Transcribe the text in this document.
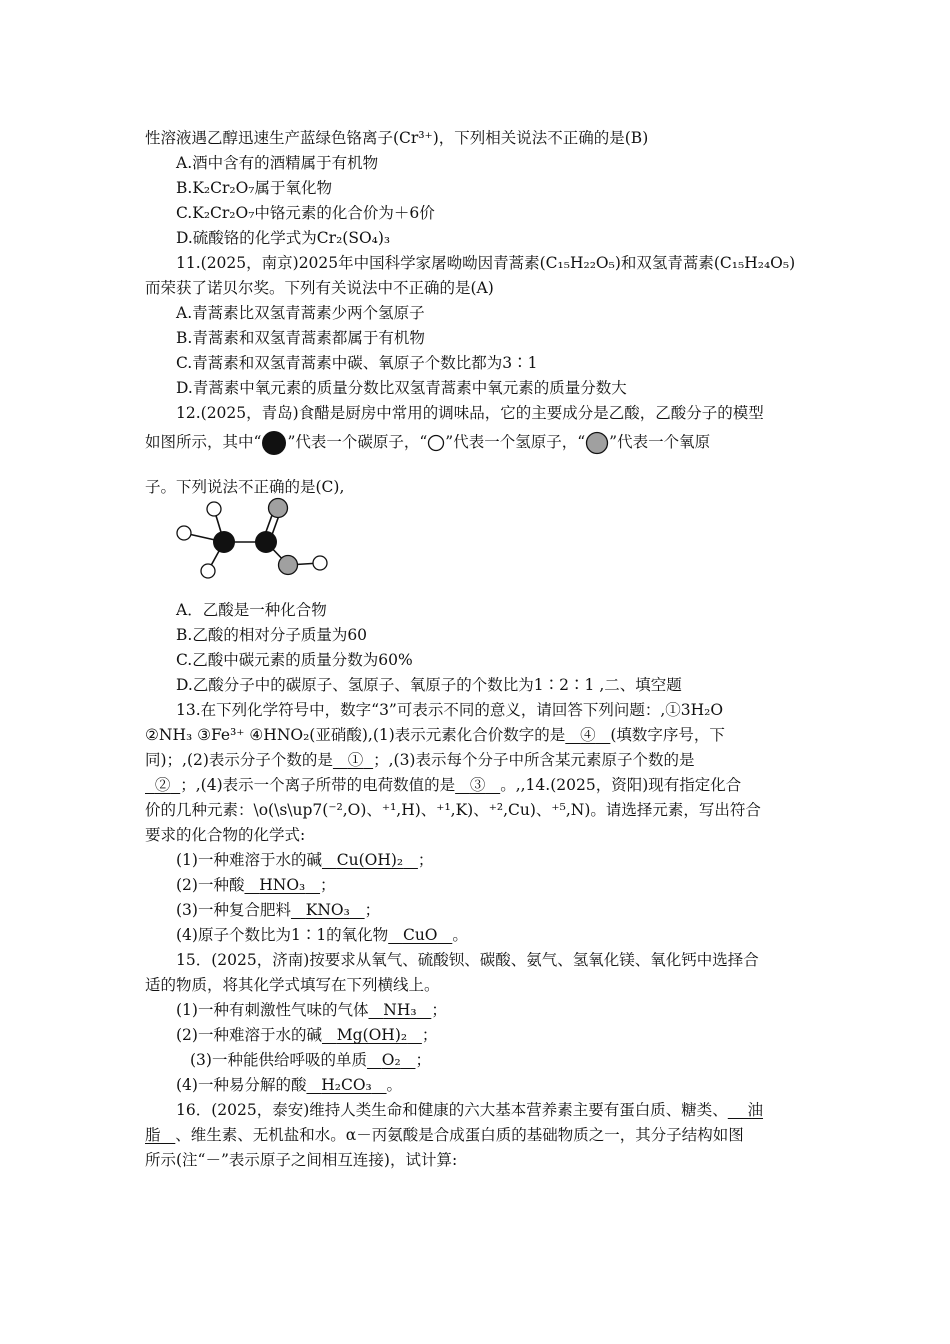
性溶液遇乙醇迅速生产蓝绿色铬离子(Cr³⁺)，下列相关说法不正确的是(B)
A.酒中含有的酒精属于有机物
B.K₂Cr₂O₇属于氧化物
C.K₂Cr₂O₇中铬元素的化合价为＋6价
D.硫酸铬的化学式为Cr₂(SO₄)₃
11.(2025，南京)2025年中国科学家屠呦呦因青蒿素(C₁₅H₂₂O₅)和双氢青蒿素(C₁₅H₂₄O₅)
而荣获了诺贝尔奖。下列有关说法中不正确的是(A)
A.青蒿素比双氢青蒿素少两个氢原子
B.青蒿素和双氢青蒿素都属于有机物
C.青蒿素和双氢青蒿素中碳、氧原子个数比都为3∶1
D.青蒿素中氧元素的质量分数比双氢青蒿素中氧元素的质量分数大
12.(2025，青岛)食醋是厨房中常用的调味品，它的主要成分是乙酸，乙酸分子的模型
如图所示，其中“ ”代表一个碳原子，“ ”代表一个氢原子，“ ”代表一个氧原
子。下列说法不正确的是(C),
A．乙酸是一种化合物
B.乙酸的相对分子质量为60
C.乙酸中碳元素的质量分数为60%
D.乙酸分子中的碳原子、氢原子、氧原子的个数比为1∶2∶1 ,二、填空题
13.在下列化学符号中，数字“3”可表示不同的意义，请回答下列问题：,①3H₂O
②NH₃ ③Fe³⁺ ④HNO₂(亚硝酸),(1)表示元素化合价数字的是 ④ (填数字序号，下
同)；,(2)表示分子个数的是 ① ；,(3)表示每个分子中所含某元素原子个数的是
② ；,(4)表示一个离子所带的电荷数值的是 ③ 。,,14.(2025，资阳)现有指定化合
价的几种元素：\o(\s\up7(⁻²,O)、⁺¹,H)、⁺¹,K)、⁺²,Cu)、⁺⁵,N)。请选择元素，写出符合
要求的化合物的化学式:
(1)一种难溶于水的碱 Cu(OH)₂ ；
(2)一种酸 HNO₃ ；
(3)一种复合肥料 KNO₃ ；
(4)原子个数比为1∶1的氧化物 CuO 。
15．(2025，济南)按要求从氧气、硫酸钡、碳酸、氨气、氢氧化镁、氧化钙中选择合
适的物质，将其化学式填写在下列横线上。
(1)一种有刺激性气味的气体 NH₃ ；
(2)一种难溶于水的碱 Mg(OH)₂ ；
(3)一种能供给呼吸的单质 O₂ ；
(4)一种易分解的酸 H₂CO₃ 。
16．(2025，泰安)维持人类生命和健康的六大基本营养素主要有蛋白质、糖类、 油
脂 、维生素、无机盐和水。α－丙氨酸是合成蛋白质的基础物质之一，其分子结构如图
所示(注“－”表示原子之间相互连接)，试计算:
